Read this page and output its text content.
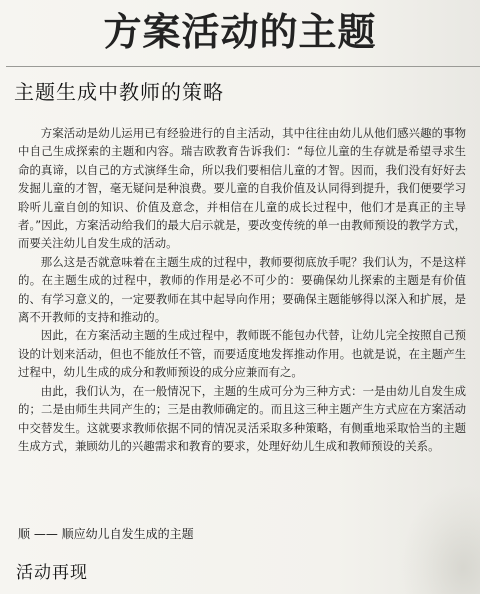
方案活动的主题
主题生成中教师的策略

方案活动是幼儿运用已有经验进行的自主活动，其中往往由幼儿从他们感兴趣的事物中自己生成探索的主题和内容。瑞吉欧教育告诉我们：“每位儿童的生存就是希望寻求生命的真谛，以自己的方式演绎生命，所以我们要相信儿童的才智。因而，我们没有好好去发掘儿童的才智，毫无疑问是种浪费。要儿童的自我价值及认同得到提升，我们便要学习聆听儿童自创的知识、价值及意念，并相信在儿童的成长过程中，他们才是真正的主导者。”因此，方案活动给我们的最大启示就是，要改变传统的单一由教师预设的教学方式，而要关注幼儿自发生成的活动。

那么这是否就意味着在主题生成的过程中，教师要彻底放手呢？我们认为，不是这样的。在主题生成的过程中，教师的作用是必不可少的：要确保幼儿探索的主题是有价值的、有学习意义的，一定要教师在其中起导向作用；要确保主题能够得以深入和扩展，是离不开教师的支持和推动的。

因此，在方案活动主题的生成过程中，教师既不能包办代替，让幼儿完全按照自己预设的计划来活动，但也不能放任不管，而要适度地发挥推动作用。也就是说，在主题产生过程中，幼儿生成的成分和教师预设的成分应兼而有之。

由此，我们认为，在一般情况下，主题的生成可分为三种方式：一是由幼儿自发生成的；二是由师生共同产生的；三是由教师确定的。而且这三种主题产生方式应在方案活动中交替发生。这就要求教师依据不同的情况灵活采取多种策略，有侧重地采取恰当的主题生成方式，兼顾幼儿的兴趣需求和教育的要求，处理好幼儿生成和教师预设的关系。

顺 —— 顺应幼儿自发生成的主题
活动再现
